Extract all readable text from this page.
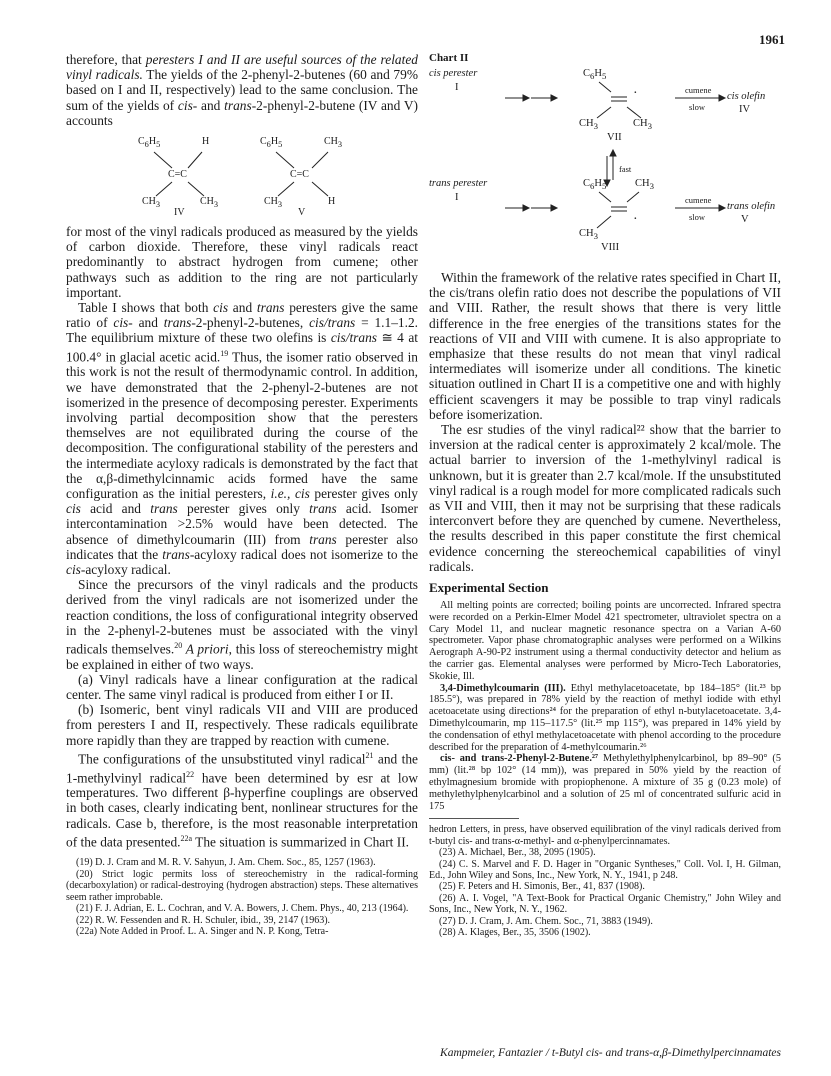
1961

therefore, that peresters I and II are useful sources of the related vinyl radicals. The yields of the 2-phenyl-2-butenes (60 and 79% based on I and II, respectively) lead to the same conclusion. The sum of the yields of cis- and trans-2-phenyl-2-butene (IV and V) accounts

$C_6H_5$	H
C=C
$CH_3$	$CH_3$
IV
$C_6H_5$	$CH_3$
C=C
$CH_3$	H
V

for most of the vinyl radicals produced as measured by the yields of carbon dioxide. Therefore, these vinyl radicals react predominantly to abstract hydrogen from cumene; other pathways such as addition to the ring are not particularly important.

Table I shows that both cis and trans peresters give the same ratio of cis- and trans-2-phenyl-2-butenes, cis/trans = 1.1–1.2. The equilibrium mixture of these two olefins is cis/trans ≅ 4 at 100.4° in glacial acetic acid.$^{19}$ Thus, the isomer ratio observed in this work is not the result of thermodynamic control. In addition, we have demonstrated that the 2-phenyl-2-butenes are not isomerized in the presence of decomposing perester. Experiments involving partial decomposition show that the peresters themselves are not equilibrated during the course of the decomposition. The configurational stability of the peresters and the intermediate acyloxy radicals is demonstrated by the fact that the α,β-dimethylcinnamic acids formed have the same configuration as the initial peresters, i.e., cis perester gives only cis acid and trans perester gives only trans acid. Isomer intercontamination >2.5% would have been detected. The absence of dimethylcoumarin (III) from trans perester also indicates that the trans-acyloxy radical does not isomerize to the cis-acyloxy radical.

Since the precursors of the vinyl radicals and the products derived from the vinyl radicals are not isomerized under the reaction conditions, the loss of configurational integrity observed in the 2-phenyl-2-butenes must be associated with the vinyl radicals themselves.$^{20}$ A priori, this loss of stereochemistry might be explained in either of two ways.

(a) Vinyl radicals have a linear configuration at the radical center. The same vinyl radical is produced from either I or II.

(b) Isomeric, bent vinyl radicals VII and VIII are produced from peresters I and II, respectively. These radicals equilibrate more rapidly than they are trapped by reaction with cumene.

The configurations of the unsubstituted vinyl radical$^{21}$ and the 1-methylvinyl radical$^{22}$ have been determined by esr at low temperatures. Two different β-hyperfine couplings are observed in both cases, clearly indicating bent, nonlinear structures for the radicals. Case b, therefore, is the most reasonable interpretation of the data presented.$^{22a}$ The situation is summarized in Chart II.

(19) D. J. Cram and M. R. V. Sahyun, J. Am. Chem. Soc., 85, 1257 (1963).

(20) Strict logic permits loss of stereochemistry in the radical-forming (decarboxylation) or radical-destroying (hydrogen abstraction) steps. These alternatives seem rather improbable.

(21) F. J. Adrian, E. L. Cochran, and V. A. Bowers, J. Chem. Phys., 40, 213 (1964).

(22) R. W. Fessenden and R. H. Schuler, ibid., 39, 2147 (1963).

(22a) Note Added in Proof. L. A. Singer and N. P. Kong, Tetra-

Chart II
cis perester
I
$C_6H_5$
·
$CH_3$	$CH_3$
VII
cumene
slow
cis olefin
IV
fast
trans perester
I
$C_6H_5$	$CH_3$
·
$CH_3$
VIII
cumene
slow
trans olefin
V

Within the framework of the relative rates specified in Chart II, the cis/trans olefin ratio does not describe the populations of VII and VIII. Rather, the result shows that there is very little difference in the free energies of the transitions states for the reactions of VII and VIII with cumene. It is also appropriate to emphasize that these results do not mean that vinyl radical intermediates will isomerize under all conditions. The kinetic situation outlined in Chart II is a competitive one and with highly efficient scavengers it may be possible to trap vinyl radicals before isomerization.

The esr studies of the vinyl radical²² show that the barrier to inversion at the radical center is approximately 2 kcal/mole. The actual barrier to inversion of the 1-methylvinyl radical is unknown, but it is greater than 2.7 kcal/mole. If the unsubstituted vinyl radical is a rough model for more complicated radicals such as VII and VIII, then it may not be surprising that these radicals interconvert before they are quenched by cumene. Nevertheless, the results described in this paper constitute the first chemical evidence concerning the stereochemical capabilities of vinyl radicals.

Experimental Section

All melting points are corrected; boiling points are uncorrected. Infrared spectra were recorded on a Perkin-Elmer Model 421 spectrometer, ultraviolet spectra on a Cary Model 11, and nuclear magnetic resonance spectra on a Varian A-60 spectrometer. Vapor phase chromatographic analyses were performed on a Wilkins Aerograph A-90-P2 instrument using a thermal conductivity detector and helium as the carrier gas. Elemental analyses were performed by Micro-Tech Laboratories, Skokie, Ill.

3,4-Dimethylcoumarin (III). Ethyl methylacetoacetate, bp 184–185° (lit.²³ bp 185.5°), was prepared in 78% yield by the reaction of methyl iodide with ethyl acetoacetate using directions²⁴ for the preparation of ethyl n-butylacetoacetate. 3,4-Dimethylcoumarin, mp 115–117.5° (lit.²⁵ mp 115°), was prepared in 14% yield by the condensation of ethyl methylacetoacetate with phenol according to the procedure described for the preparation of 4-methylcoumarin.²⁶

cis- and trans-2-Phenyl-2-Butene.²⁷ Methylethylphenylcarbinol, bp 89–90° (5 mm) (lit.²⁸ bp 102° (14 mm)), was prepared in 50% yield by the reaction of ethylmagnesium bromide with propiophenone. A mixture of 35 g (0.23 mole) of methylethylphenylcarbinol and a solution of 25 ml of concentrated sulfuric acid in 175

hedron Letters, in press, have observed equilibration of the vinyl radicals derived from t-butyl cis- and trans-α-methyl- and α-phenylpercinnamates.

(23) A. Michael, Ber., 38, 2095 (1905).

(24) C. S. Marvel and F. D. Hager in "Organic Syntheses," Coll. Vol. I, H. Gilman, Ed., John Wiley and Sons, Inc., New York, N. Y., 1941, p 248.

(25) F. Peters and H. Simonis, Ber., 41, 837 (1908).

(26) A. I. Vogel, "A Text-Book for Practical Organic Chemistry," John Wiley and Sons, Inc., New York, N. Y., 1962.

(27) D. J. Cram, J. Am. Chem. Soc., 71, 3883 (1949).

(28) A. Klages, Ber., 35, 3506 (1902).

Kampmeier, Fantazier / t-Butyl cis- and trans-α,β-Dimethylpercinnamates
